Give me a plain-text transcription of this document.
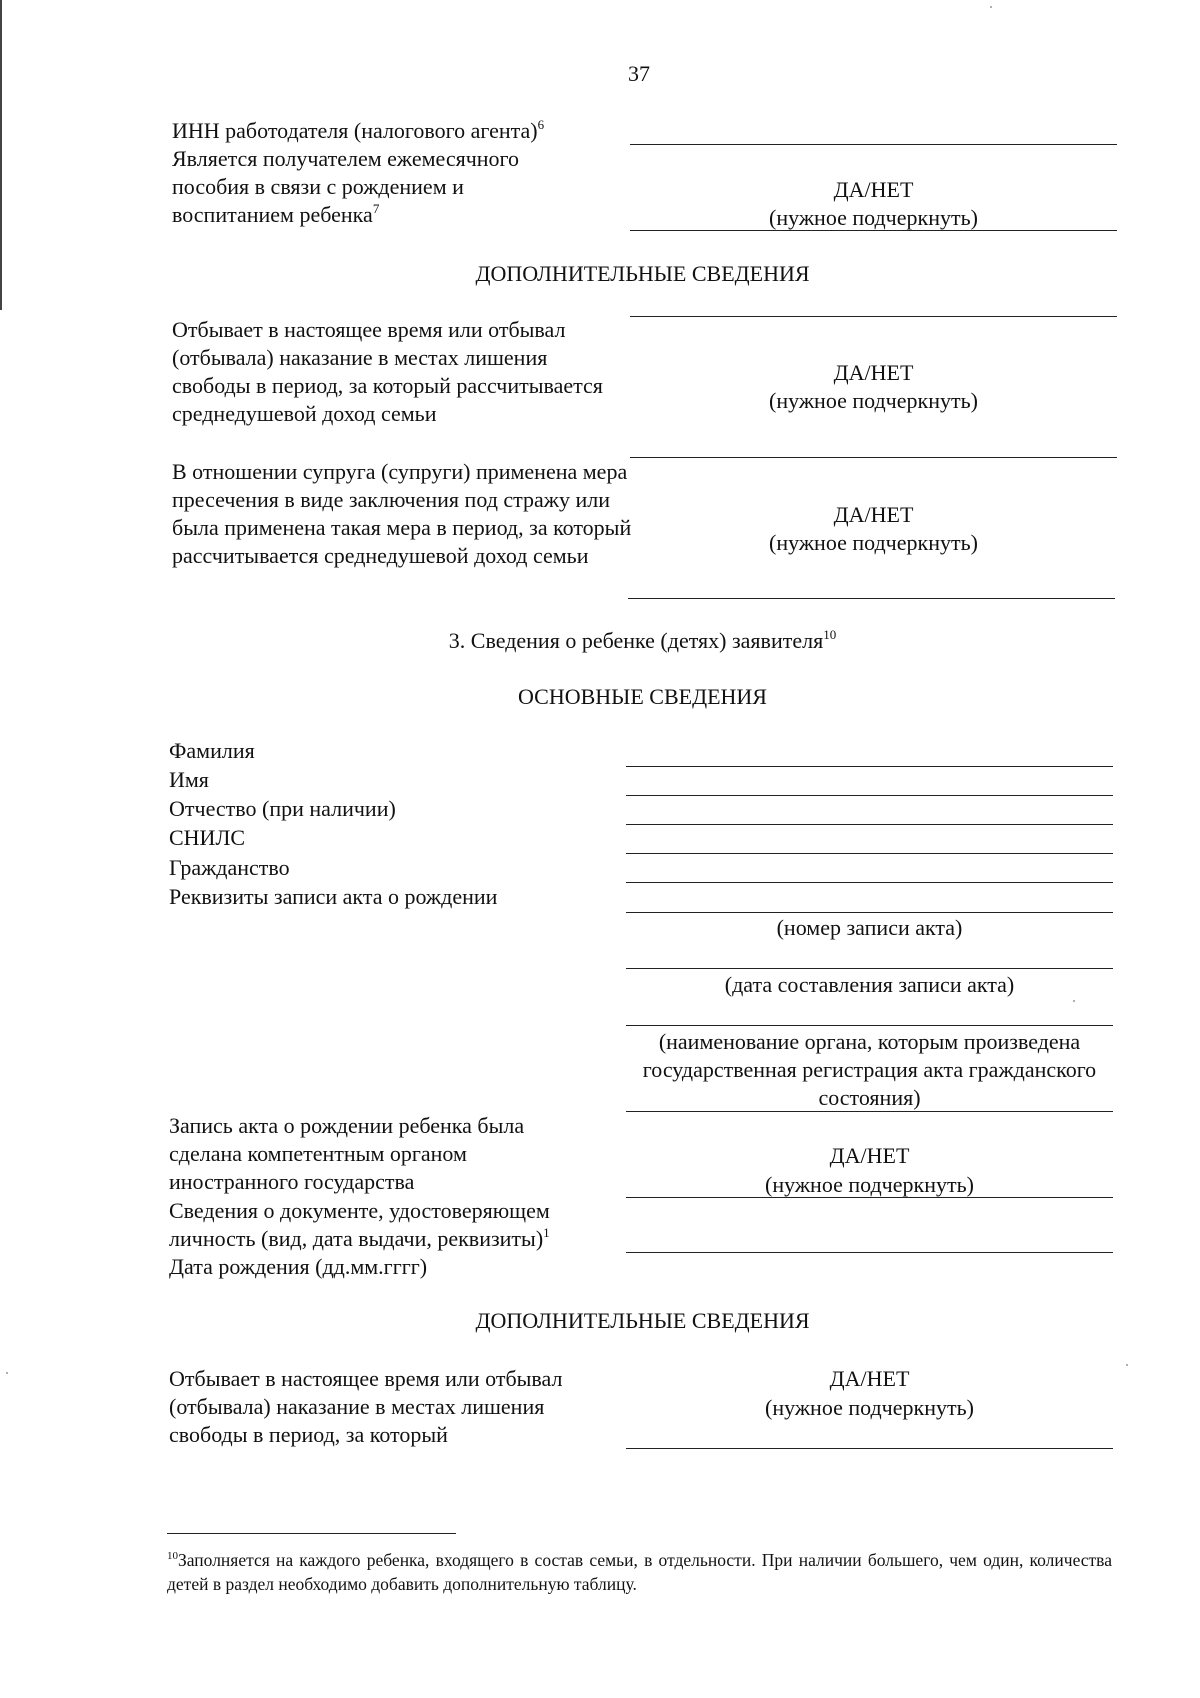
37
ИНН работодателя (налогового агента)$^6$
Является получателем ежемесячного пособия в связи с рождением и воспитанием ребенка$^7$
ДА/НЕТ
(нужное подчеркнуть)
ДОПОЛНИТЕЛЬНЫЕ СВЕДЕНИЯ
Отбывает в настоящее время или отбывал (отбывала) наказание в местах лишения свободы в период, за который рассчитывается среднедушевой доход семьи
ДА/НЕТ
(нужное подчеркнуть)
В отношении супруга (супруги) применена мера пресечения в виде заключения под стражу или была применена такая мера в период, за который рассчитывается среднедушевой доход семьи
ДА/НЕТ
(нужное подчеркнуть)
3. Сведения о ребенке (детях) заявителя$^{10}$
ОСНОВНЫЕ СВЕДЕНИЯ
Фамилия
Имя
Отчество (при наличии)
СНИЛС
Гражданство
Реквизиты записи акта о рождении
(номер записи акта)
(дата составления записи акта)
(наименование органа, которым произведена государственная регистрация акта гражданского состояния)
Запись акта о рождении ребенка была сделана компетентным органом иностранного государства
ДА/НЕТ
(нужное подчеркнуть)
Сведения о документе, удостоверяющем личность (вид, дата выдачи, реквизиты)$^1$
Дата рождения (дд.мм.гггг)
ДОПОЛНИТЕЛЬНЫЕ СВЕДЕНИЯ
Отбывает в настоящее время или отбывал (отбывала) наказание в местах лишения свободы в период, за который
ДА/НЕТ
(нужное подчеркнуть)
$^{10}$Заполняется на каждого ребенка, входящего в состав семьи, в отдельности. При наличии большего, чем один, количества детей в раздел необходимо добавить дополнительную таблицу.
